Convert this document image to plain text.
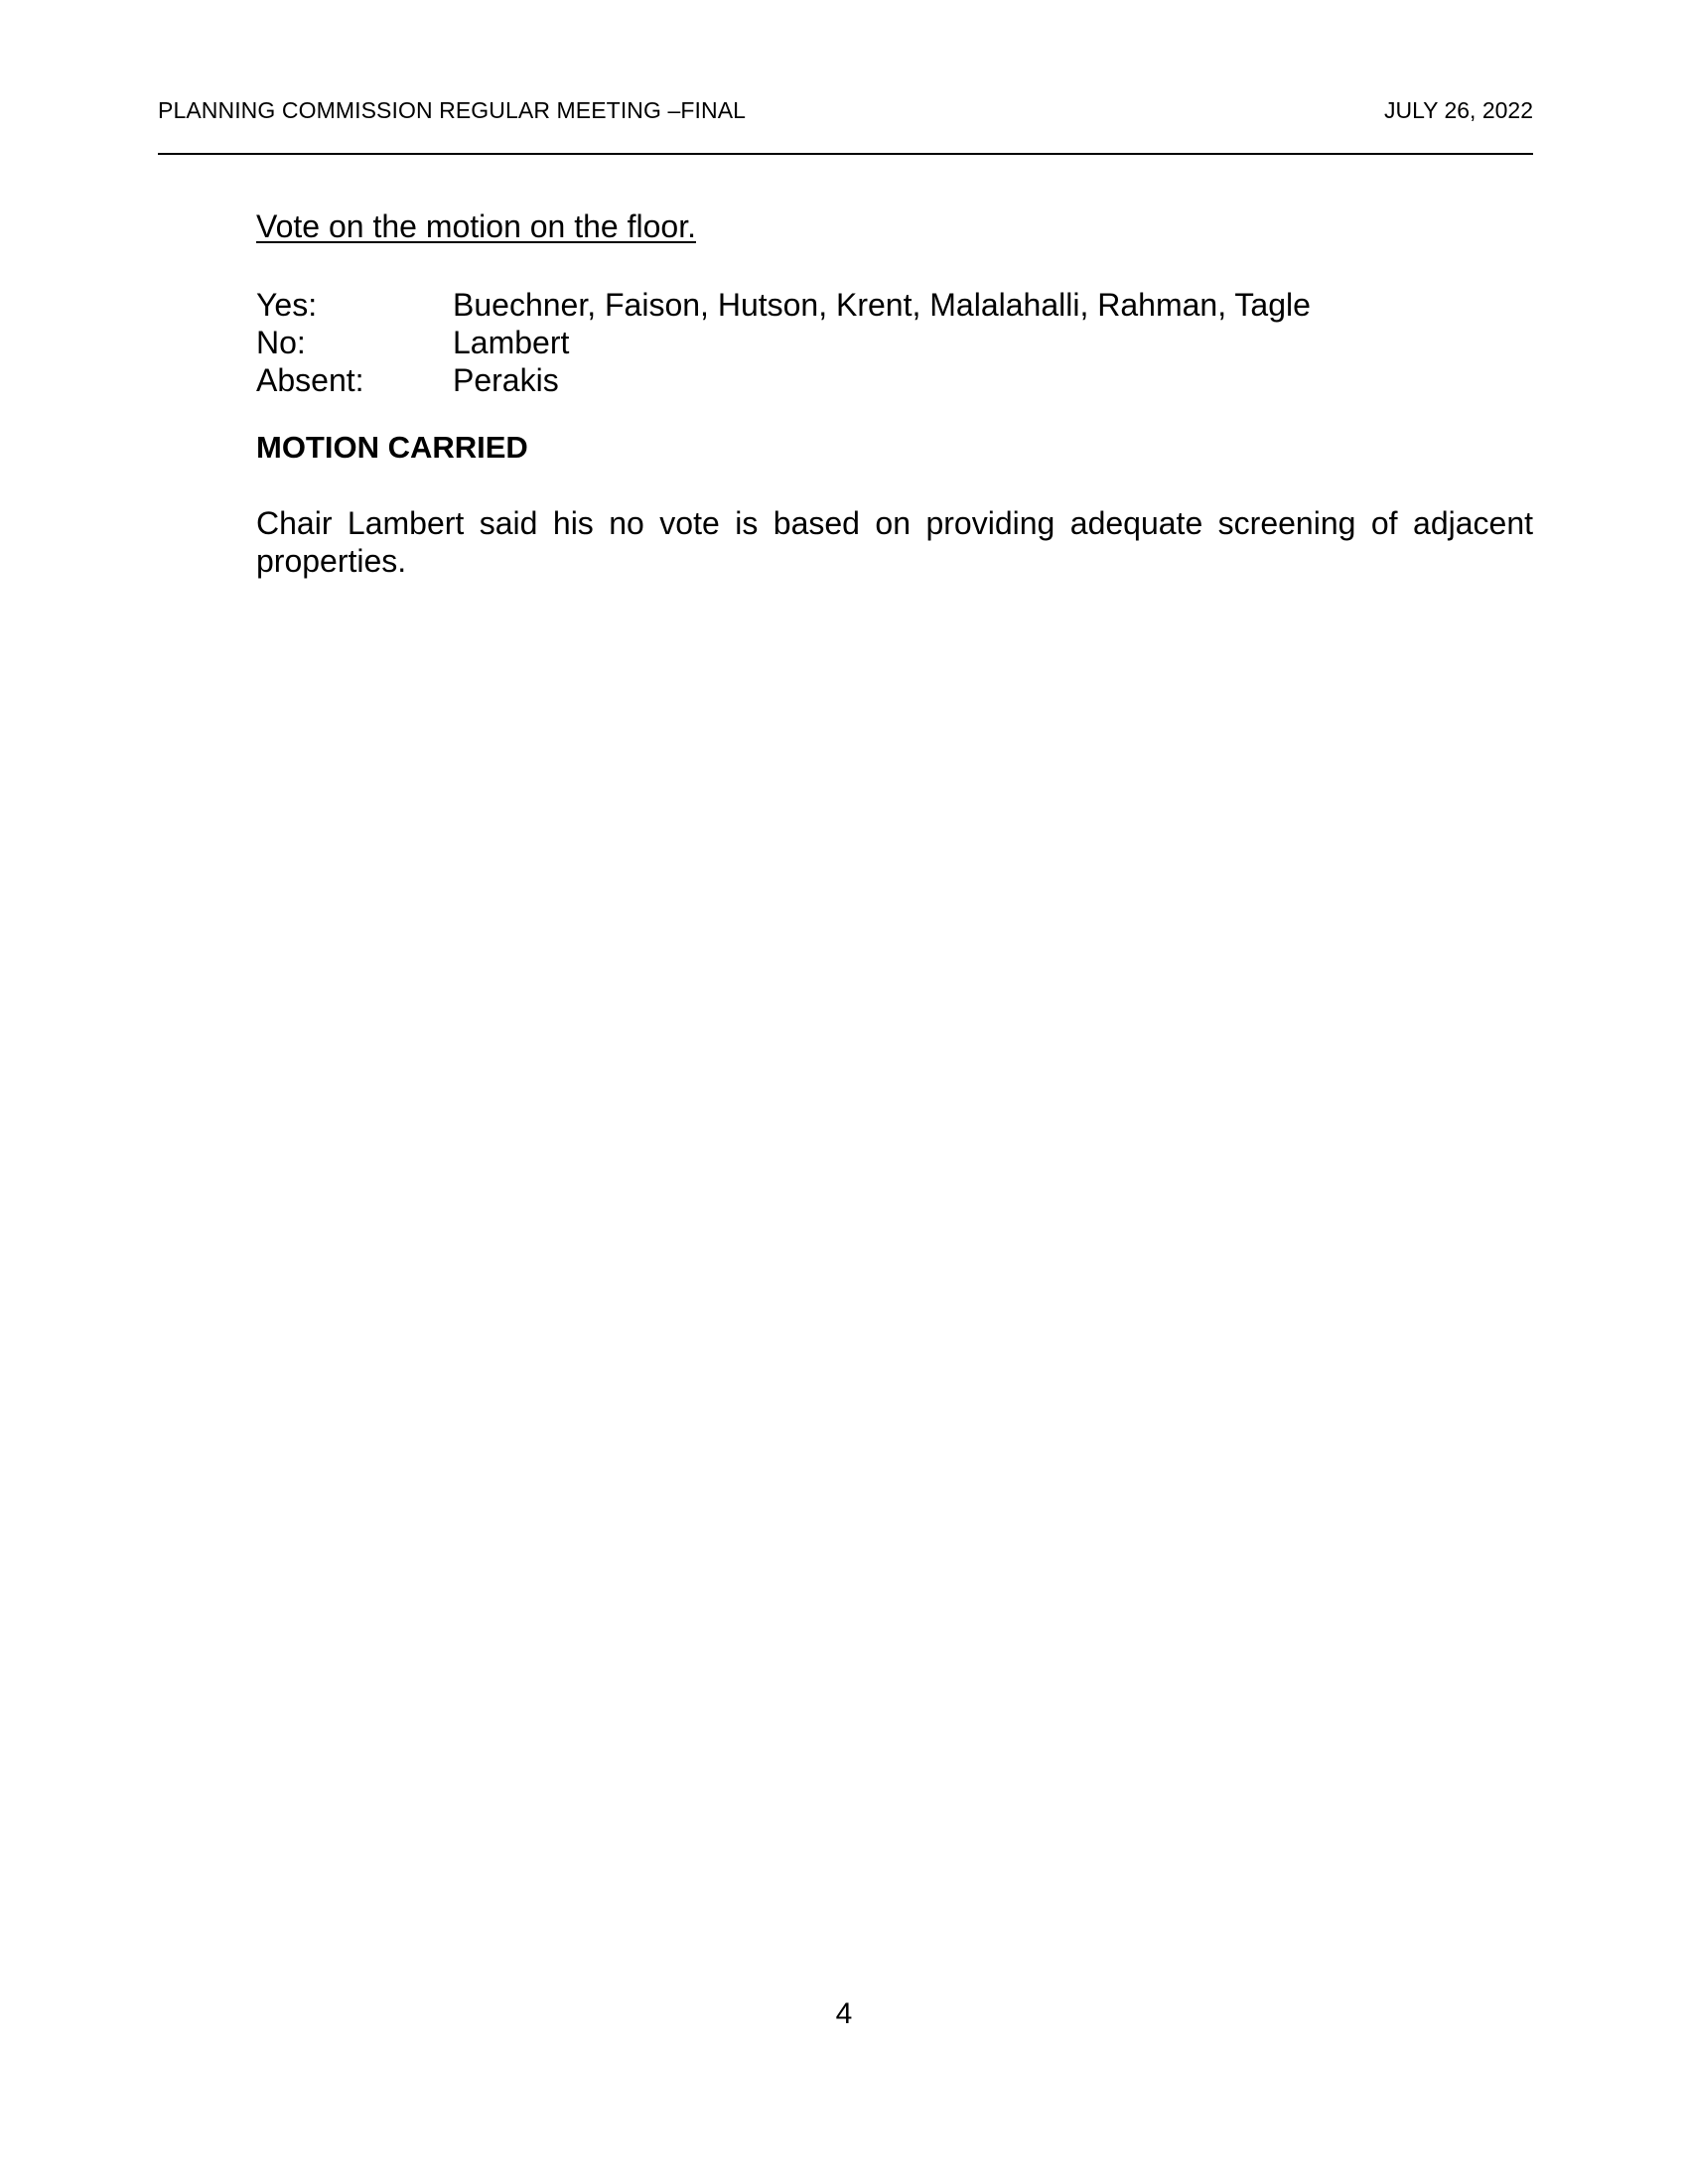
PLANNING COMMISSION REGULAR MEETING –FINAL	JULY 26, 2022
Vote on the motion on the floor.
Yes:	Buechner, Faison, Hutson, Krent, Malalahalli, Rahman, Tagle
No:	Lambert
Absent:	Perakis
MOTION CARRIED
Chair Lambert said his no vote is based on providing adequate screening of adjacent properties.
4
